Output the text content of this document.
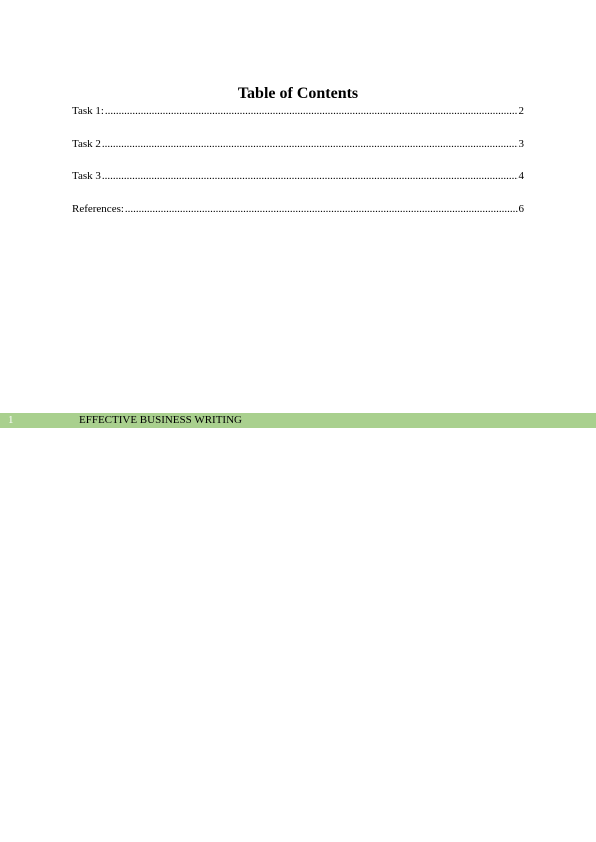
Table of Contents
Task 1: .....	2
Task 2 .....	3
Task 3 .....	4
References: .....	6
1	EFFECTIVE BUSINESS WRITING
